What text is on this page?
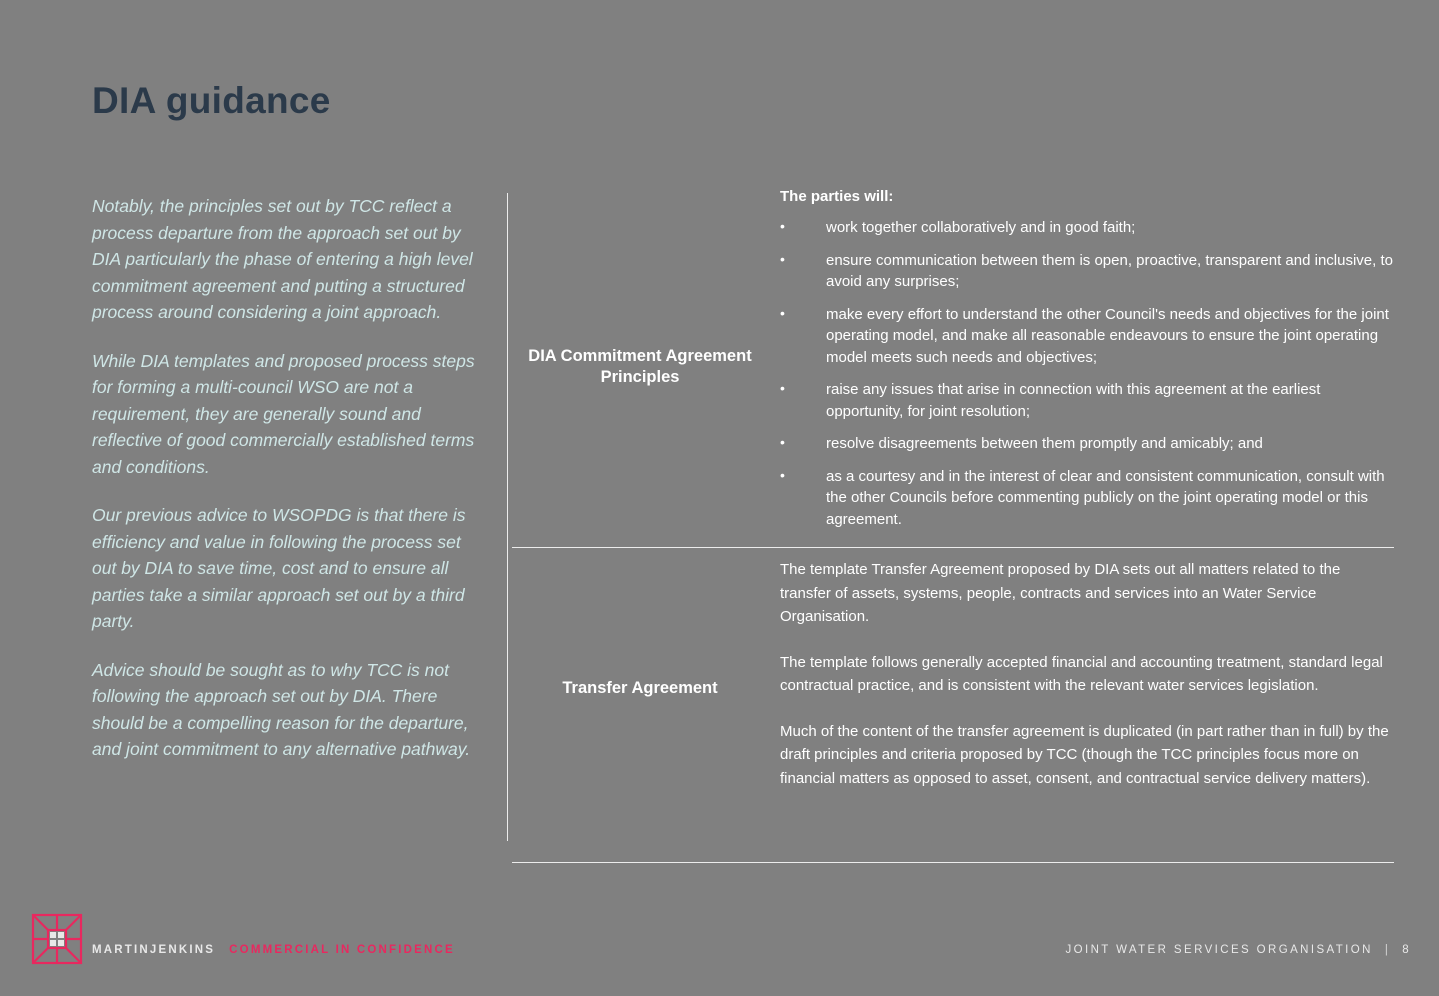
DIA guidance

Notably, the principles set out by TCC reflect a process departure from the approach set out by DIA particularly the phase of entering a high level commitment agreement and putting a structured process around considering a joint approach.

While DIA templates and proposed process steps for forming a multi-council WSO are not a requirement, they are generally sound and reflective of good commercially established terms and conditions.

Our previous advice to WSOPDG is that there is efficiency and value in following the process set out by DIA to save time, cost and to ensure all parties take a similar approach set out by a third party.

Advice should be sought as to why TCC is not following the approach set out by DIA. There should be a compelling reason for the departure, and joint commitment to any alternative pathway.

DIA Commitment Agreement Principles
The parties will:
• work together collaboratively and in good faith;
• ensure communication between them is open, proactive, transparent and inclusive, to avoid any surprises;
• make every effort to understand the other Council's needs and objectives for the joint operating model, and make all reasonable endeavours to ensure the joint operating model meets such needs and objectives;
• raise any issues that arise in connection with this agreement at the earliest opportunity, for joint resolution;
• resolve disagreements between them promptly and amicably; and
• as a courtesy and in the interest of clear and consistent communication, consult with the other Councils before commenting publicly on the joint operating model or this agreement.
Transfer Agreement

The template Transfer Agreement proposed by DIA sets out all matters related to the transfer of assets, systems, people, contracts and services into an Water Service Organisation.

The template follows generally accepted financial and accounting treatment, standard legal contractual practice, and is consistent with the relevant water services legislation.

Much of the content of the transfer agreement is duplicated (in part rather than in full) by the draft principles and criteria proposed by TCC (though the TCC principles focus more on financial matters as opposed to asset, consent, and contractual service delivery matters).

MARTINJENKINS COMMERCIAL IN CONFIDENCE	JOINT WATER SERVICES ORGANISATION | 8
